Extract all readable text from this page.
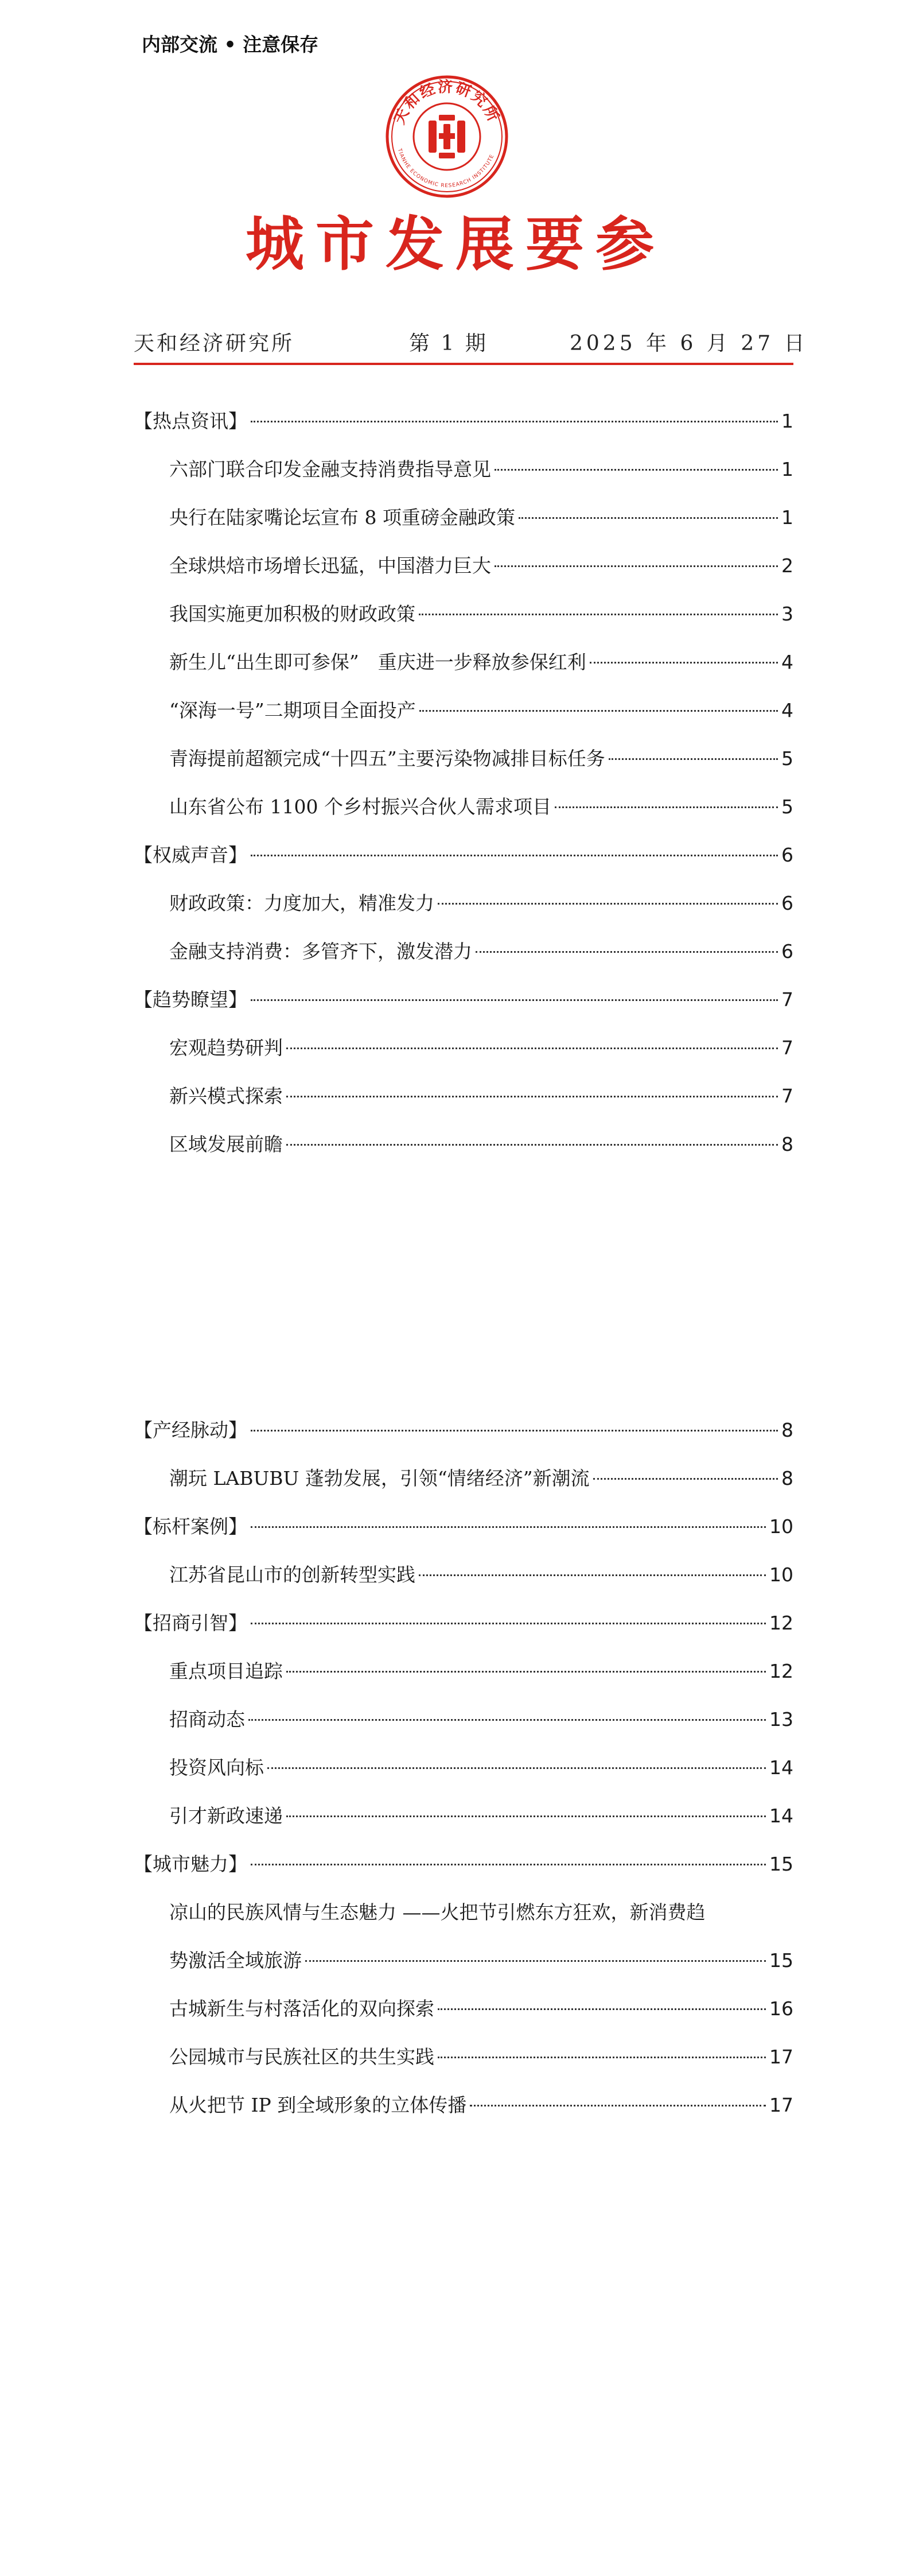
内部交流 • 注意保存
天和经济研究所
TIANHE ECONOMIC RESEARCH INSTITUTE
城市发展要参
天和经济研究所	第 1 期	2025 年 6 月 27 日
【热点资讯】	1
六部门联合印发金融支持消费指导意见	1
央行在陆家嘴论坛宣布 8 项重磅金融政策	1
全球烘焙市场增长迅猛，中国潜力巨大	2
我国实施更加积极的财政政策	3
新生儿“出生即可参保”　重庆进一步释放参保红利	4
“深海一号”二期项目全面投产	4
青海提前超额完成“十四五”主要污染物减排目标任务	5
山东省公布 1100 个乡村振兴合伙人需求项目	5
【权威声音】	6
财政政策：力度加大，精准发力	6
金融支持消费：多管齐下，激发潜力	6
【趋势瞭望】	7
宏观趋势研判	7
新兴模式探索	7
区域发展前瞻	8
【产经脉动】	8
潮玩 LABUBU 蓬勃发展，引领“情绪经济”新潮流	8
【标杆案例】	10
江苏省昆山市的创新转型实践	10
【招商引智】	12
重点项目追踪	12
招商动态	13
投资风向标	14
引才新政速递	14
【城市魅力】	15
凉山的民族风情与生态魅力 ——火把节引燃东方狂欢，新消费趋
势激活全域旅游	15
古城新生与村落活化的双向探索	16
公园城市与民族社区的共生实践	17
从火把节 IP 到全域形象的立体传播	17
